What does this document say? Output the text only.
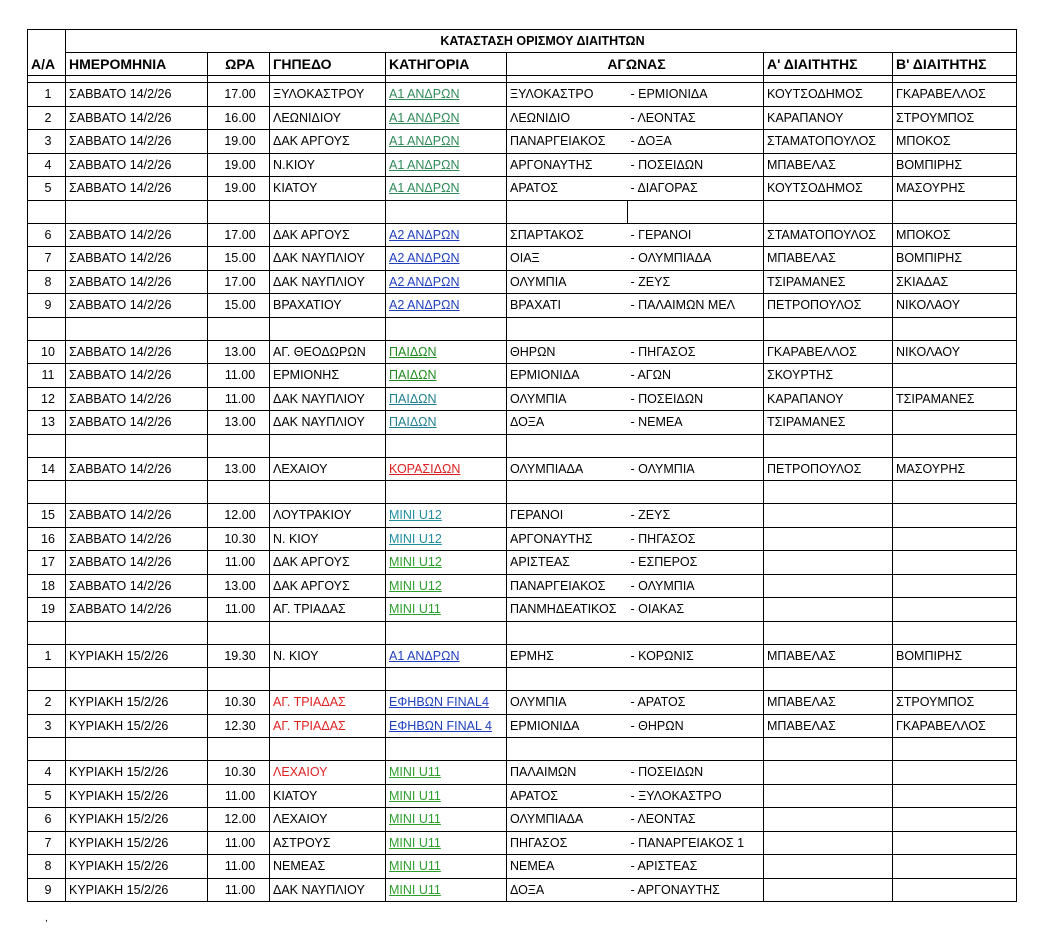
	ΚΑΤΑΣΤΑΣΗ ΟΡΙΣΜΟΥ ΔΙΑΙΤΗΤΩΝ							
Α/Α	ΗΜΕΡΟΜΗΝΙΑ	ΩΡΑ	ΓΗΠΕΔΟ	ΚΑΤΗΓΟΡΙΑ	ΑΓΩΝΑΣ		Α' ΔΙΑΙΤΗΤΗΣ	Β' ΔΙΑΙΤΗΤΗΣ

1	ΣΑΒΒΑΤΟ 14/2/26	17.00	ΞΥΛΟΚΑΣΤΡΟΥ	Α1 ΑΝΔΡΩΝ	ΞΥΛΟΚΑΣΤΡΟ	- ΕΡΜΙΟΝΙΔΑ	ΚΟΥΤΣΟΔΗΜΟΣ	ΓΚΑΡΑΒΕΛΛΟΣ
2	ΣΑΒΒΑΤΟ 14/2/26	16.00	ΛΕΩΝΙΔΙΟΥ	Α1 ΑΝΔΡΩΝ	ΛΕΩΝΙΔΙΟ	- ΛΕΟΝΤΑΣ	ΚΑΡΑΠΑΝΟΥ	ΣΤΡΟΥΜΠΟΣ
3	ΣΑΒΒΑΤΟ 14/2/26	19.00	ΔΑΚ ΑΡΓΟΥΣ	Α1 ΑΝΔΡΩΝ	ΠΑΝΑΡΓΕΙΑΚΟΣ	- ΔΟΞΑ	ΣΤΑΜΑΤΟΠΟΥΛΟΣ	ΜΠΟΚΟΣ
4	ΣΑΒΒΑΤΟ 14/2/26	19.00	Ν.ΚΙΟΥ	Α1 ΑΝΔΡΩΝ	ΑΡΓΟΝΑΥΤΗΣ	- ΠΟΣΕΙΔΩΝ	ΜΠΑΒΕΛΑΣ	ΒΟΜΠΙΡΗΣ
5	ΣΑΒΒΑΤΟ 14/2/26	19.00	ΚΙΑΤΟΥ	Α1 ΑΝΔΡΩΝ	ΑΡΑΤΟΣ	- ΔΙΑΓΟΡΑΣ	ΚΟΥΤΣΟΔΗΜΟΣ	ΜΑΣΟΥΡΗΣ

6	ΣΑΒΒΑΤΟ 14/2/26	17.00	ΔΑΚ ΑΡΓΟΥΣ	Α2 ΑΝΔΡΩΝ	ΣΠΑΡΤΑΚΟΣ	- ΓΕΡΑΝΟΙ	ΣΤΑΜΑΤΟΠΟΥΛΟΣ	ΜΠΟΚΟΣ
7	ΣΑΒΒΑΤΟ 14/2/26	15.00	ΔΑΚ ΝΑΥΠΛΙΟΥ	Α2 ΑΝΔΡΩΝ	ΟΙΑΞ	- ΟΛΥΜΠΙΑΔΑ	ΜΠΑΒΕΛΑΣ	ΒΟΜΠΙΡΗΣ
8	ΣΑΒΒΑΤΟ 14/2/26	17.00	ΔΑΚ ΝΑΥΠΛΙΟΥ	Α2 ΑΝΔΡΩΝ	ΟΛΥΜΠΙΑ	- ΖΕΥΣ	ΤΣΙΡΑΜΑΝΕΣ	ΣΚΙΑΔΑΣ
9	ΣΑΒΒΑΤΟ 14/2/26	15.00	ΒΡΑΧΑΤΙΟΥ	Α2 ΑΝΔΡΩΝ	ΒΡΑΧΑΤΙ	- ΠΑΛΑΙΜΩΝ ΜΕΛ	ΠΕΤΡΟΠΟΥΛΟΣ	ΝΙΚΟΛΑΟΥ

10	ΣΑΒΒΑΤΟ 14/2/26	13.00	ΑΓ. ΘΕΟΔΩΡΩΝ	ΠΑΙΔΩΝ	ΘΗΡΩΝ	- ΠΗΓΑΣΟΣ	ΓΚΑΡΑΒΕΛΛΟΣ	ΝΙΚΟΛΑΟΥ
11	ΣΑΒΒΑΤΟ 14/2/26	11.00	ΕΡΜΙΟΝΗΣ	ΠΑΙΔΩΝ	ΕΡΜΙΟΝΙΔΑ	- ΑΓΩΝ	ΣΚΟΥΡΤΗΣ	
12	ΣΑΒΒΑΤΟ 14/2/26	11.00	ΔΑΚ ΝΑΥΠΛΙΟΥ	ΠΑΙΔΩΝ	ΟΛΥΜΠΙΑ	- ΠΟΣΕΙΔΩΝ	ΚΑΡΑΠΑΝΟΥ	ΤΣΙΡΑΜΑΝΕΣ
13	ΣΑΒΒΑΤΟ 14/2/26	13.00	ΔΑΚ ΝΑΥΠΛΙΟΥ	ΠΑΙΔΩΝ	ΔΟΞΑ	- ΝΕΜΕΑ	ΤΣΙΡΑΜΑΝΕΣ	

14	ΣΑΒΒΑΤΟ 14/2/26	13.00	ΛΕΧΑΙΟΥ	ΚΟΡΑΣΙΔΩΝ	ΟΛΥΜΠΙΑΔΑ	- ΟΛΥΜΠΙΑ	ΠΕΤΡΟΠΟΥΛΟΣ	ΜΑΣΟΥΡΗΣ

15	ΣΑΒΒΑΤΟ 14/2/26	12.00	ΛΟΥΤΡΑΚΙΟΥ	MINI U12	ΓΕΡΑΝΟΙ	- ΖΕΥΣ		
16	ΣΑΒΒΑΤΟ 14/2/26	10.30	Ν. ΚΙΟΥ	MINI U12	ΑΡΓΟΝΑΥΤΗΣ	- ΠΗΓΑΣΟΣ		
17	ΣΑΒΒΑΤΟ 14/2/26	11.00	ΔΑΚ ΑΡΓΟΥΣ	MINI U12	ΑΡΙΣΤΕΑΣ	- ΕΣΠΕΡΟΣ		
18	ΣΑΒΒΑΤΟ 14/2/26	13.00	ΔΑΚ ΑΡΓΟΥΣ	MINI U12	ΠΑΝΑΡΓΕΙΑΚΟΣ	- ΟΛΥΜΠΙΑ		
19	ΣΑΒΒΑΤΟ 14/2/26	11.00	ΑΓ. ΤΡΙΑΔΑΣ	MINI U11	ΠΑΝΜΗΔΕΑΤΙΚΟΣ	- ΟΙΑΚΑΣ		

1	ΚΥΡΙΑΚΗ 15/2/26	19.30	Ν. ΚΙΟΥ	Α1 ΑΝΔΡΩΝ	ΕΡΜΗΣ	- ΚΟΡΩΝΙΣ	ΜΠΑΒΕΛΑΣ	ΒΟΜΠΙΡΗΣ

2	ΚΥΡΙΑΚΗ 15/2/26	10.30	ΑΓ. ΤΡΙΑΔΑΣ	ΕΦΗΒΩΝ FINAL4	ΟΛΥΜΠΙΑ	- ΑΡΑΤΟΣ	ΜΠΑΒΕΛΑΣ	ΣΤΡΟΥΜΠΟΣ
3	ΚΥΡΙΑΚΗ 15/2/26	12.30	ΑΓ. ΤΡΙΑΔΑΣ	ΕΦΗΒΩΝ FINAL 4	ΕΡΜΙΟΝΙΔΑ	- ΘΗΡΩΝ	ΜΠΑΒΕΛΑΣ	ΓΚΑΡΑΒΕΛΛΟΣ

4	ΚΥΡΙΑΚΗ 15/2/26	10.30	ΛΕΧΑΙΟΥ	MINI U11	ΠΑΛΑΙΜΩΝ	- ΠΟΣΕΙΔΩΝ		
5	ΚΥΡΙΑΚΗ 15/2/26	11.00	ΚΙΑΤΟΥ	MINI U11	ΑΡΑΤΟΣ	- ΞΥΛΟΚΑΣΤΡΟ		
6	ΚΥΡΙΑΚΗ 15/2/26	12.00	ΛΕΧΑΙΟΥ	MINI U11	ΟΛΥΜΠΙΑΔΑ	- ΛΕΟΝΤΑΣ		
7	ΚΥΡΙΑΚΗ 15/2/26	11.00	ΑΣΤΡΟΥΣ	MINI U11	ΠΗΓΑΣΟΣ	- ΠΑΝΑΡΓΕΙΑΚΟΣ 1		
8	ΚΥΡΙΑΚΗ 15/2/26	11.00	ΝΕΜΕΑΣ	MINI U11	ΝΕΜΕΑ	- ΑΡΙΣΤΕΑΣ		
9	ΚΥΡΙΑΚΗ 15/2/26	11.00	ΔΑΚ ΝΑΥΠΛΙΟΥ	MINI U11	ΔΟΞΑ	- ΑΡΓΟΝΑΥΤΗΣ		
,
